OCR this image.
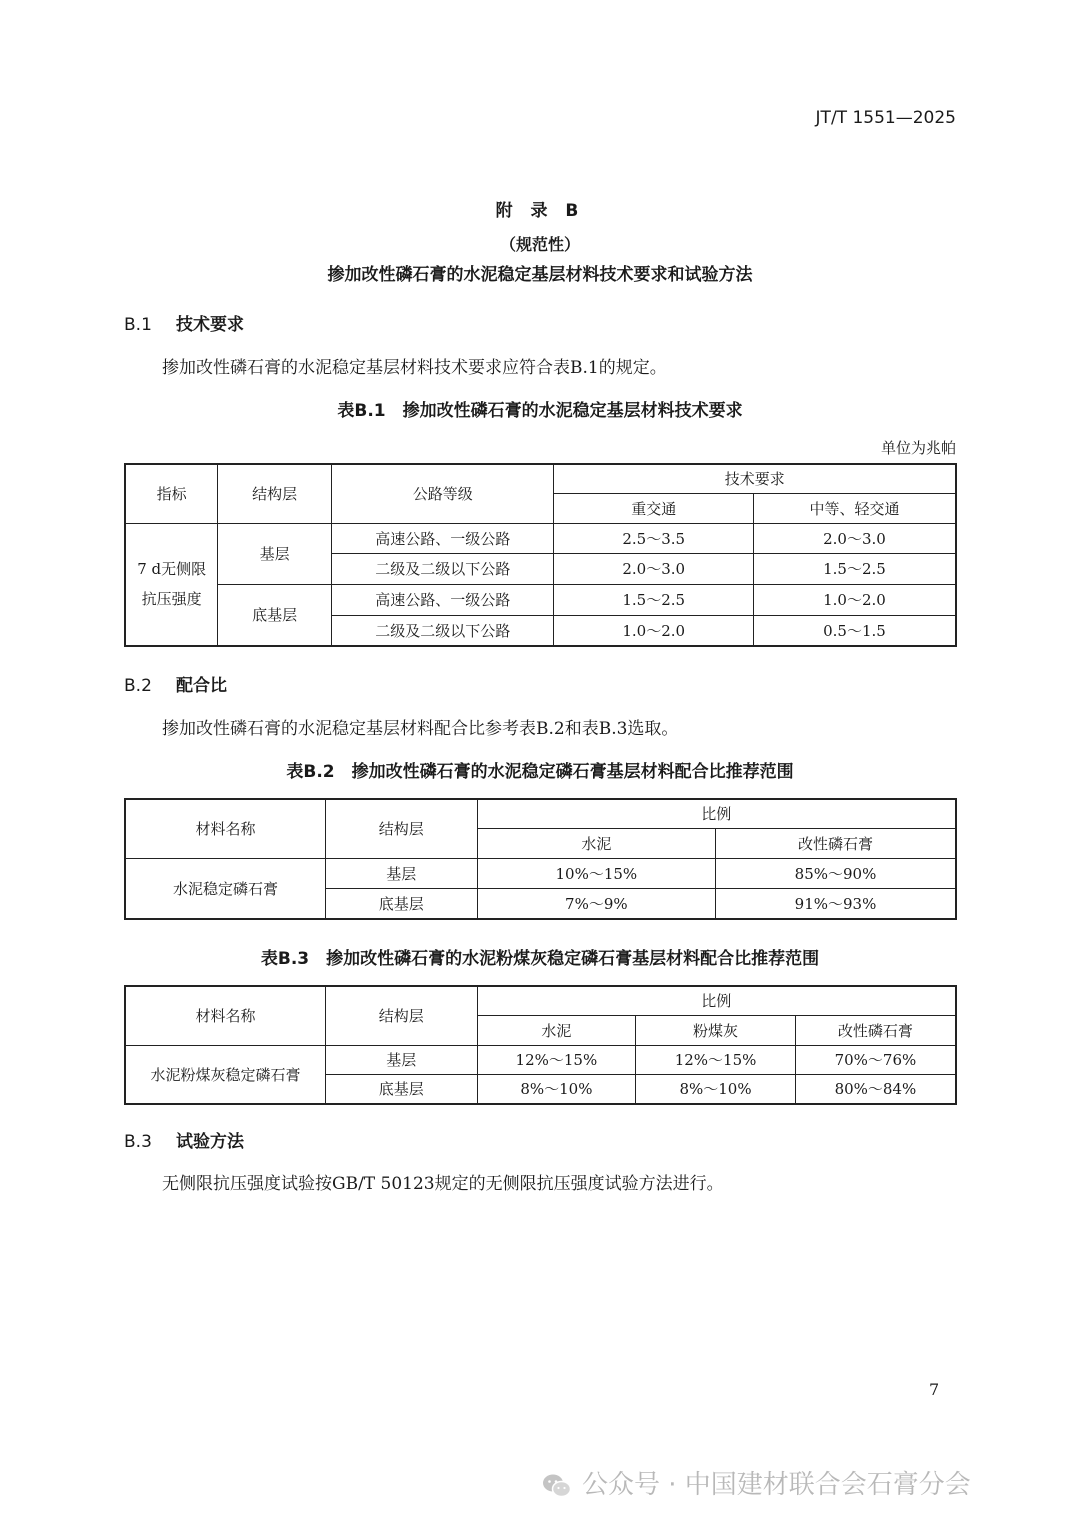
JT/T 1551—2025
附 录 B
（规范性）
掺加改性磷石膏的水泥稳定基层材料技术要求和试验方法
B.1 技术要求
掺加改性磷石膏的水泥稳定基层材料技术要求应符合表B.1的规定。
表B.1　掺加改性磷石膏的水泥稳定基层材料技术要求
单位为兆帕
指标	结构层	公路等级	技术要求	
			重交通	中等、轻交通
7 d无侧限抗压强度	基层	高速公路、一级公路	2.5～3.5	2.0～3.0
		二级及二级以下公路	2.0～3.0	1.5～2.5
	底基层	高速公路、一级公路	1.5～2.5	1.0～2.0
		二级及二级以下公路	1.0～2.0	0.5～1.5
B.2 配合比
掺加改性磷石膏的水泥稳定基层材料配合比参考表B.2和表B.3选取。
表B.2　掺加改性磷石膏的水泥稳定磷石膏基层材料配合比推荐范围
材料名称	结构层	比例	
		水泥	改性磷石膏
水泥稳定磷石膏	基层	10%～15%	85%～90%
	底基层	7%～9%	91%～93%
表B.3　掺加改性磷石膏的水泥粉煤灰稳定磷石膏基层材料配合比推荐范围
材料名称	结构层	比例		
		水泥	粉煤灰	改性磷石膏
水泥粉煤灰稳定磷石膏	基层	12%～15%	12%～15%	70%～76%
	底基层	8%～10%	8%～10%	80%～84%
B.3 试验方法
无侧限抗压强度试验按GB/T 50123规定的无侧限抗压强度试验方法进行。
7
公众号 · 中国建材联合会石膏分会
